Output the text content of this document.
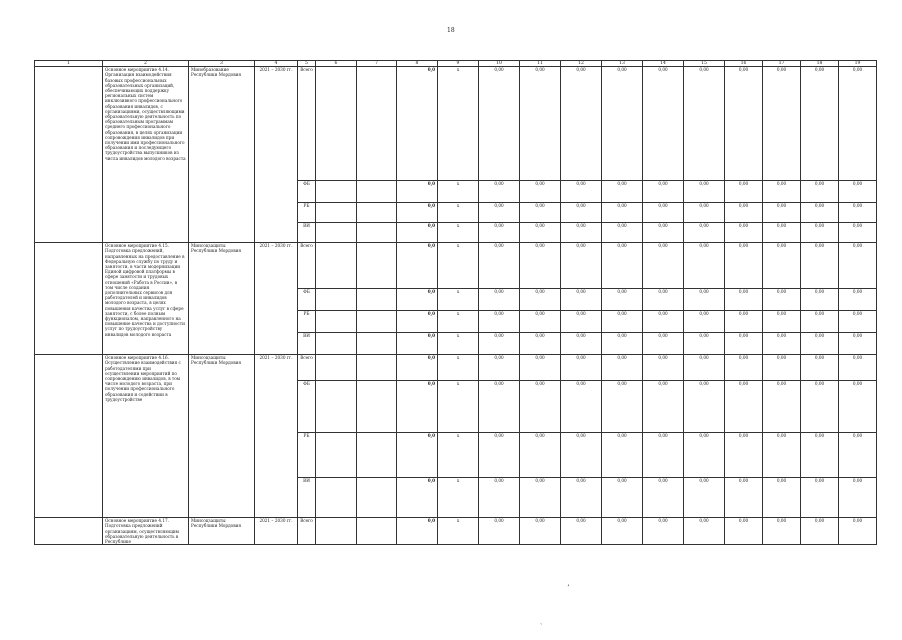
18
1	2	3	4	5	6	7	8	9	10	11	12	13	14	15	16	17	18	19
	Основное мероприятие 4.14. Организация взаимодействия базовых профессиональных образовательных организаций, обеспечивающих поддержку региональных систем инклюзивного профессионального образования инвалидов, с организациями, осуществляющими образовательную деятельность по образовательным программам среднего профессионального образования, в целях организации сопровождения инвалидов при получении ими профессионального образования и последующего трудоустройства выпускников из числа инвалидов молодого возраста	Минобразование Республики Мордовия	2021 – 2030 гг.	Всего			0,0	х	0,00	0,00	0,00	0,00	0,00	0,00	0,00	0,00	0,00	0,00
				ФБ			0,0	х	0,00	0,00	0,00	0,00	0,00	0,00	0,00	0,00	0,00	0,00
				РБ			0,0	х	0,00	0,00	0,00	0,00	0,00	0,00	0,00	0,00	0,00	0,00
				ВИ			0,0	х	0,00	0,00	0,00	0,00	0,00	0,00	0,00	0,00	0,00	0,00
	Основное мероприятие 4.15. Подготовка предложений, направленных на предоставление в Федеральную службу по труду и занятости, в части модернизации Единой цифровой платформы в сфере занятости и трудовых отношений «Работа в России», в том числе создания дополнительных сервисов для работодателей и инвалидов молодого возраста, в целях повышения качества услуг в сфере занятости, с более полным функционалом, направленного на повышение качества и доступности услуг по трудоустройству инвалидов молодого возраста	Минсоцзащиты Республики Мордовия	2021 – 2030 гг.	Всего			0,0	х	0,00	0,00	0,00	0,00	0,00	0,00	0,00	0,00	0,00	0,00
				ФБ			0,0	х	0,00	0,00	0,00	0,00	0,00	0,00	0,00	0,00	0,00	0,00
				РБ			0,0	х	0,00	0,00	0,00	0,00	0,00	0,00	0,00	0,00	0,00	0,00
				ВИ			0,0	х	0,00	0,00	0,00	0,00	0,00	0,00	0,00	0,00	0,00	0,00
	Основное мероприятие 4.16. Осуществление взаимодействия с работодателями при осуществлении мероприятий по сопровождению инвалидов, в том числе молодого возраста, при получении профессионального образования и содействии в трудоустройстве	Минсоцзащиты Республики Мордовия	2021 – 2030 гг.	Всего			0,0	х	0,00	0,00	0,00	0,00	0,00	0,00	0,00	0,00	0,00	0,00
				ФБ			0,0	х	0,00	0,00	0,00	0,00	0,00	0,00	0,00	0,00	0,00	0,00
				РБ			0,0	х	0,00	0,00	0,00	0,00	0,00	0,00	0,00	0,00	0,00	0,00
				ВИ			0,0	х	0,00	0,00	0,00	0,00	0,00	0,00	0,00	0,00	0,00	0,00
	Основное мероприятие 4.17. Подготовка предложений организациям, осуществляющим образовательную деятельность в Республике	Минсоцзащиты Республики Мордовия	2021 – 2030 гг.	Всего			0,0	х	0,00	0,00	0,00	0,00	0,00	0,00	0,00	0,00	0,00	0,00
ʼ
ˏ
